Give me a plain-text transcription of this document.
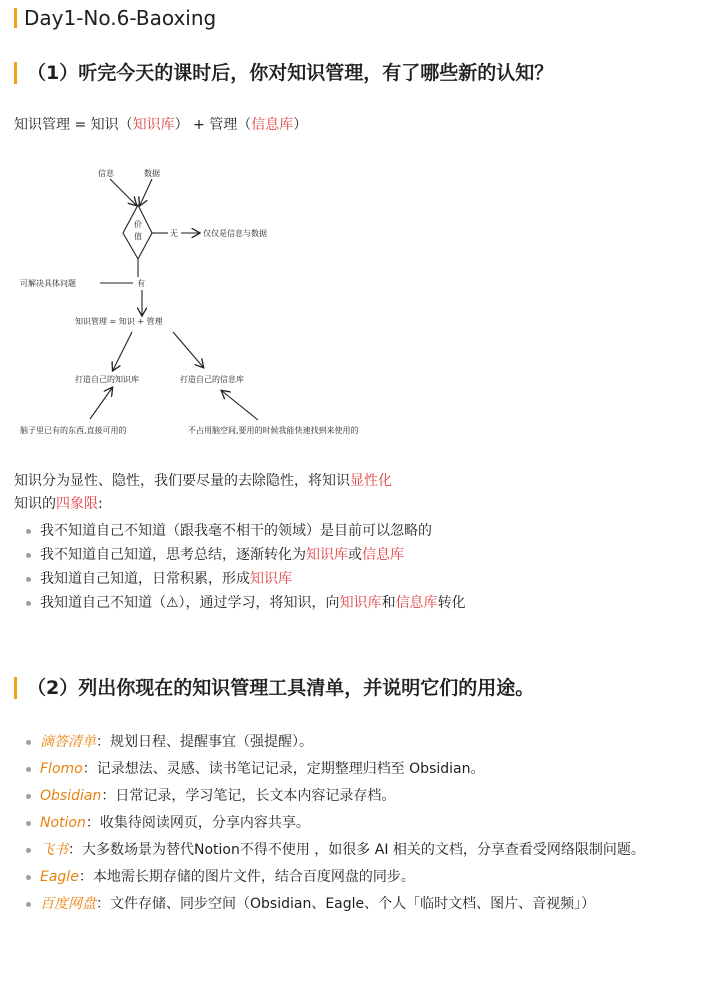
Day1-No.6-Baoxing
（1）听完今天的课时后，你对知识管理，有了哪些新的认知？
知识管理 = 知识（知识库） + 管理（信息库）
信息	数据
价
值	无	仅仅是信息与数据
可解决具体问题	有
知识管理 = 知识 + 管理
打造自己的知识库	打造自己的信息库
脑子里已有的东西,直接可用的	不占用脑空间,要用的时候我能快速找到来使用的
知识分为显性、隐性，我们要尽量的去除隐性，将知识显性化
知识的四象限:
我不知道自己不知道（跟我毫不相干的领域）是目前可以忽略的
我不知道自己知道，思考总结，逐渐转化为知识库或信息库
我知道自己知道，日常积累，形成知识库
我知道自己不知道（⚠），通过学习，将知识，向知识库和信息库转化
（2）列出你现在的知识管理工具清单，并说明它们的用途。
滴答清单：规划日程、提醒事宜（强提醒）。
Flomo：记录想法、灵感、读书笔记记录，定期整理归档至 Obsidian。
Obsidian：日常记录，学习笔记，长文本内容记录存档。
Notion：收集待阅读网页，分享内容共享。
飞书：大多数场景为替代Notion不得不使用 ，如很多 AI 相关的文档，分享查看受网络限制问题。
Eagle：本地需长期存储的图片文件，结合百度网盘的同步。
百度网盘：文件存储、同步空间（Obsidian、Eagle、个人「临时文档、图片、音视频」）
